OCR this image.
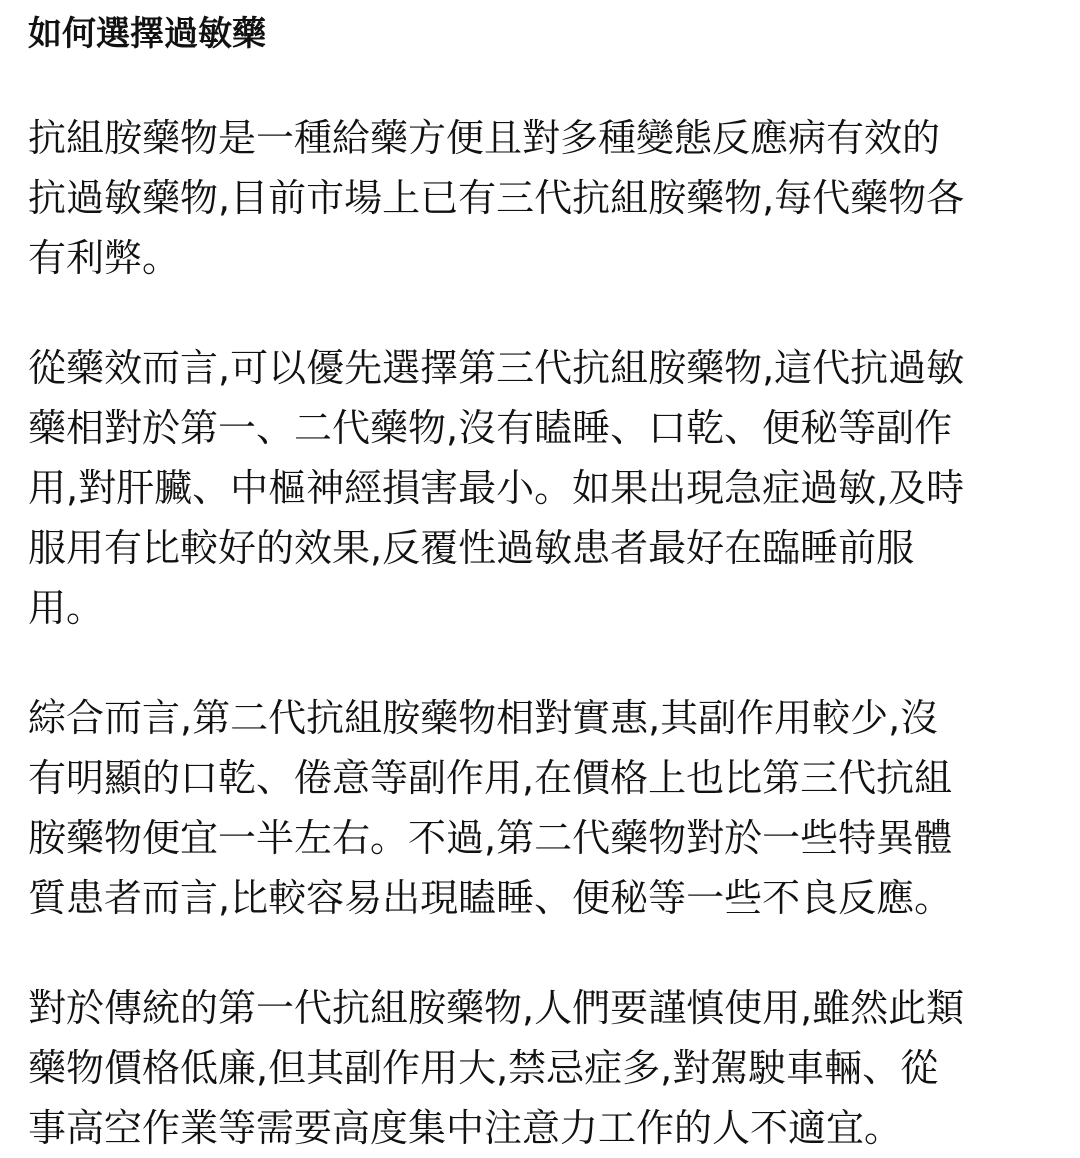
如何選擇過敏藥

抗組胺藥物是一種給藥方便且對多種變態反應病有效的
抗過敏藥物,目前市場上已有三代抗組胺藥物,每代藥物各
有利弊。

從藥效而言,可以優先選擇第三代抗組胺藥物,這代抗過敏
藥相對於第一、二代藥物,沒有瞌睡、口乾、便秘等副作
用,對肝臟、中樞神經損害最小。如果出現急症過敏,及時
服用有比較好的效果,反覆性過敏患者最好在臨睡前服
用。

綜合而言,第二代抗組胺藥物相對實惠,其副作用較少,沒
有明顯的口乾、倦意等副作用,在價格上也比第三代抗組
胺藥物便宜一半左右。不過,第二代藥物對於一些特異體
質患者而言,比較容易出現瞌睡、便秘等一些不良反應。

對於傳統的第一代抗組胺藥物,人們要謹慎使用,雖然此類
藥物價格低廉,但其副作用大,禁忌症多,對駕駛車輛、從
事高空作業等需要高度集中注意力工作的人不適宜。
